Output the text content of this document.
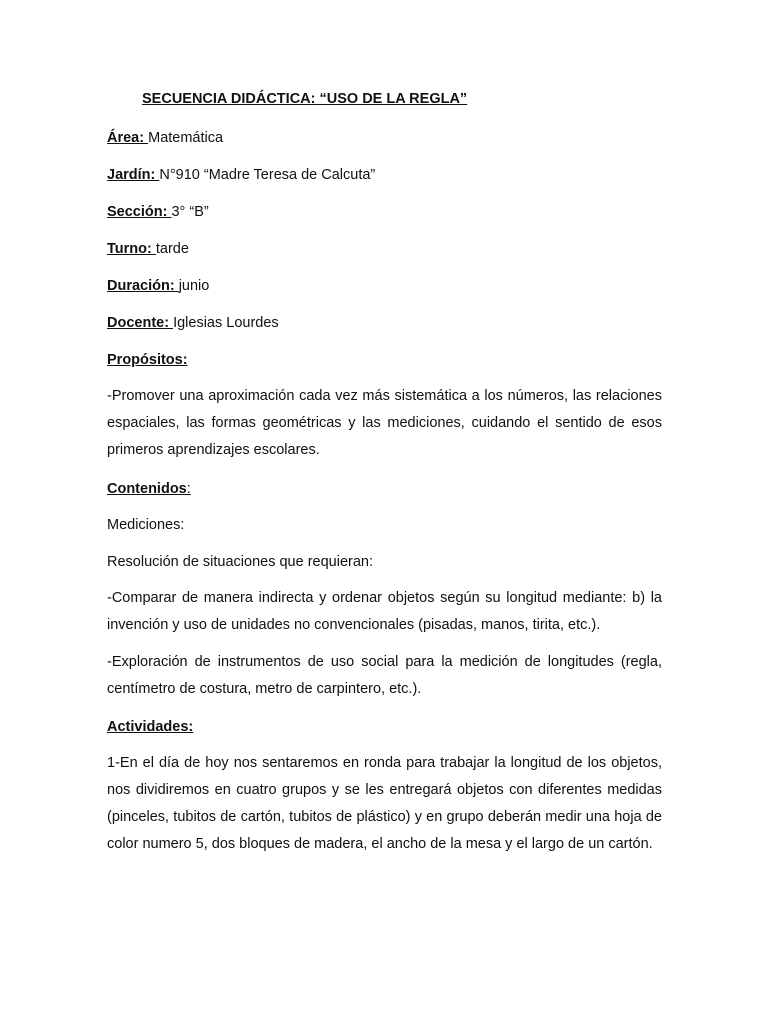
SECUENCIA DIDÁCTICA: “USO DE LA REGLA”
Área: Matemática
Jardín: N°910 “Madre Teresa de Calcuta”
Sección: 3° “B”
Turno: tarde
Duración: junio
Docente: Iglesias Lourdes
Propósitos:
-Promover una aproximación cada vez más sistemática a los números, las relaciones espaciales, las formas geométricas y las mediciones, cuidando el sentido de esos primeros aprendizajes escolares.
Contenidos:
Mediciones:
Resolución de situaciones que requieran:
-Comparar de manera indirecta y ordenar objetos según su longitud mediante: b) la invención y uso de unidades no convencionales (pisadas, manos, tirita, etc.).
-Exploración de instrumentos de uso social para la medición de longitudes (regla, centímetro de costura, metro de carpintero, etc.).
Actividades:
1-En el día de hoy nos sentaremos en ronda para trabajar la longitud de los objetos, nos dividiremos en cuatro grupos y se les entregará objetos con diferentes medidas (pinceles, tubitos de cartón, tubitos de plástico) y en grupo deberán medir una hoja de color numero 5, dos bloques de madera, el ancho de la mesa y el largo de un cartón.
